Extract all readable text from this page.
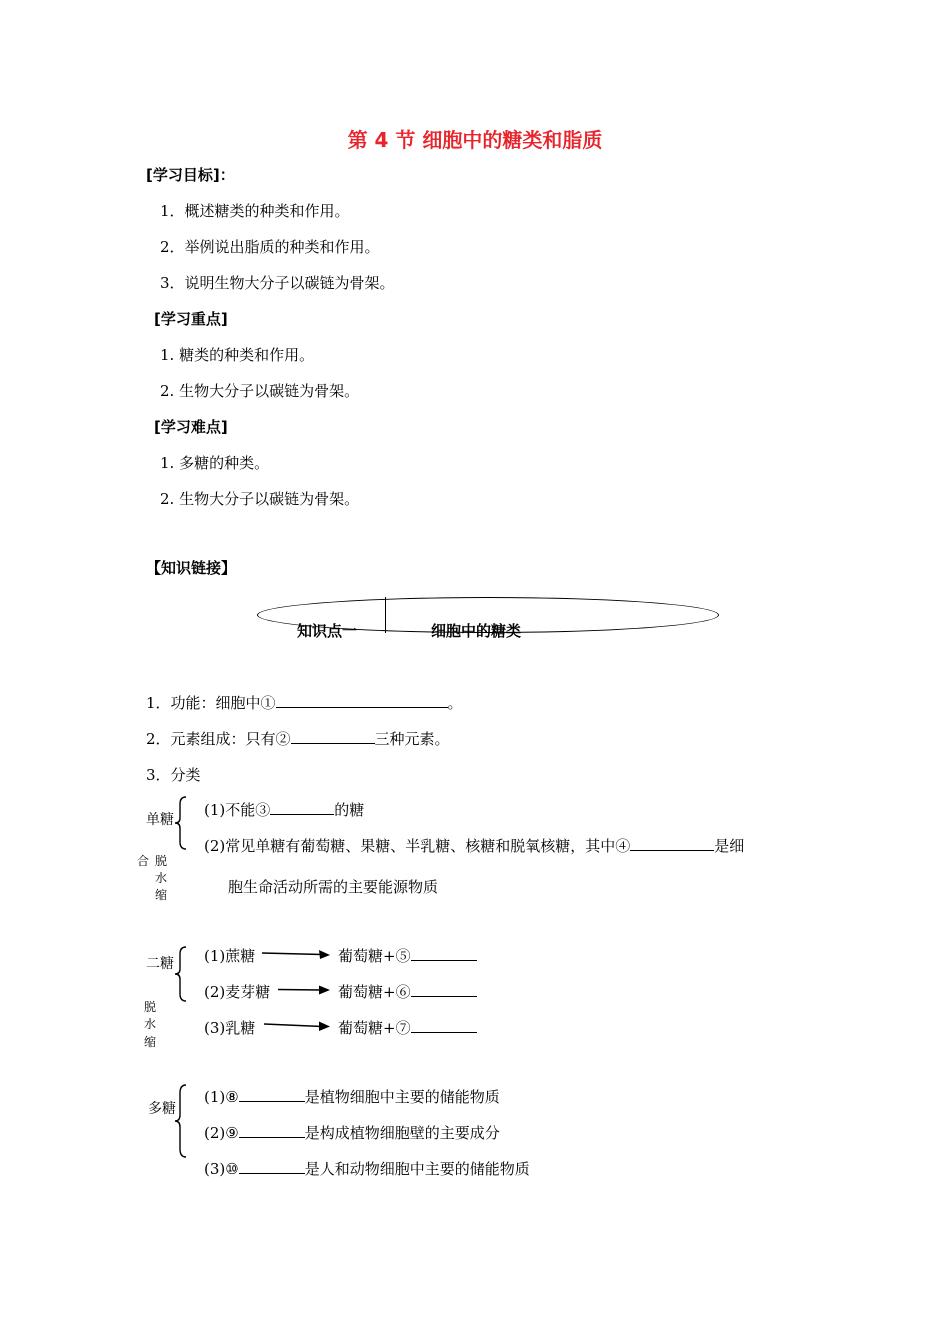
第 4 节 细胞中的糖类和脂质
[学习目标]：
1．概述糖类的种类和作用。
2．举例说出脂质的种类和作用。
3．说明生物大分子以碳链为骨架。
[学习重点]
1. 糖类的种类和作用。
2. 生物大分子以碳链为骨架。
[学习难点]
1. 多糖的种类。
2. 生物大分子以碳链为骨架。
【知识链接】
知识点一	细胞中的糖类
1．功能：细胞中①	。
2．元素组成：只有②	三种元素。
3．分类
单糖
(1)不能③	的糖
(2)常见单糖有葡萄糖、果糖、半乳糖、核糖和脱氧核糖，其中④	是细
胞生命活动所需的主要能源物质
合 脱
水
缩
二糖 (1)蔗糖	葡萄糖+⑤
(2)麦芽糖	葡萄糖+⑥
(3)乳糖	葡萄糖+⑦
脱
水
缩
多糖
(1)⑧	是植物细胞中主要的储能物质
(2)⑨	是构成植物细胞壁的主要成分
(3)⑩	是人和动物细胞中主要的储能物质
